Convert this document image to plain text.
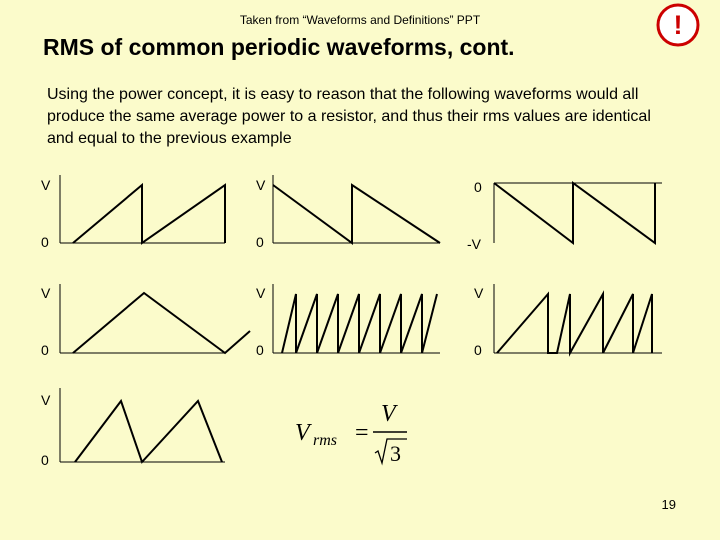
Taken from “Waveforms and Definitions” PPT
RMS of common periodic waveforms, cont.
!
Using the power concept, it is easy to reason that the following waveforms would all produce the same average power to a resistor, and thus their rms values are identical and equal to the previous example
V
0
V
0
0
-V
V
0
V
0
V
0
V
0
V rms =
V
3
19
